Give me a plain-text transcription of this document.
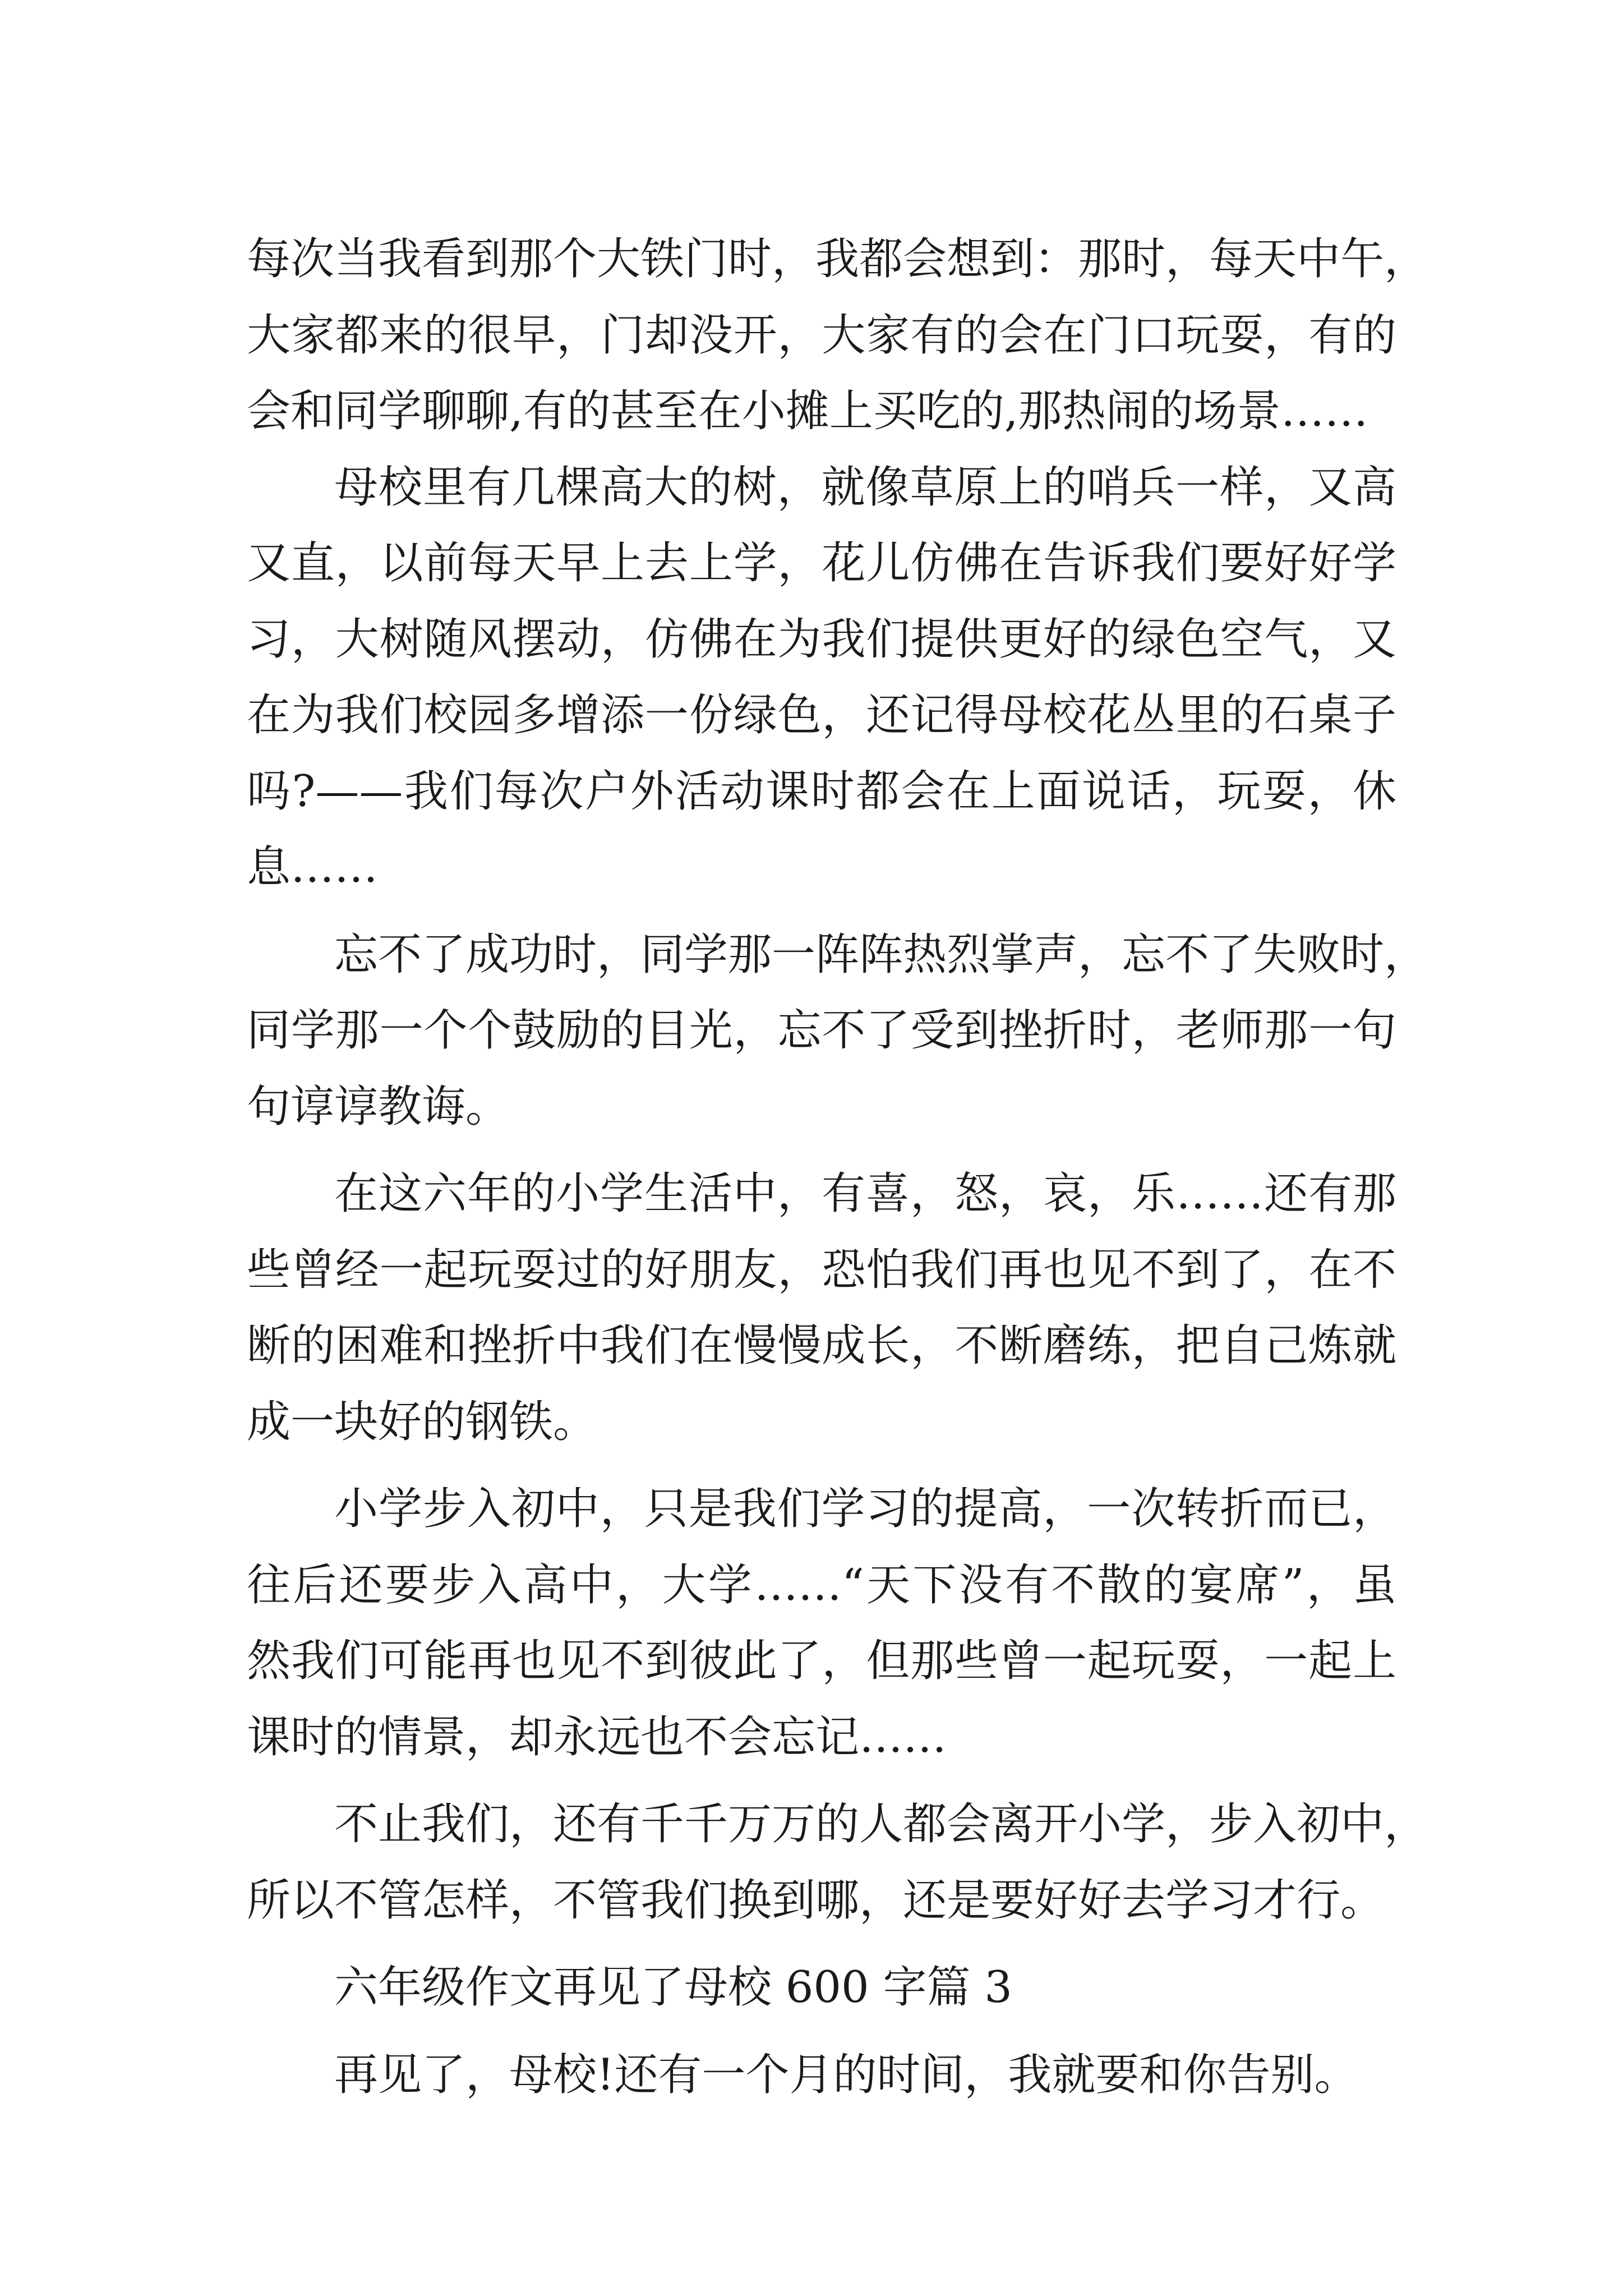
每次当我看到那个大铁门时，我都会想到：那时，每天中午，
大家都来的很早，门却没开，大家有的会在门口玩耍，有的
会和同学聊聊,有的甚至在小摊上买吃的,那热闹的场景……

母校里有几棵高大的树，就像草原上的哨兵一样，又高
又直，以前每天早上去上学，花儿仿佛在告诉我们要好好学
习，大树随风摆动，仿佛在为我们提供更好的绿色空气，又
在为我们校园多增添一份绿色，还记得母校花丛里的石桌子
吗?——我们每次户外活动课时都会在上面说话，玩耍，休
息……

忘不了成功时，同学那一阵阵热烈掌声，忘不了失败时，
同学那一个个鼓励的目光，忘不了受到挫折时，老师那一句
句谆谆教诲。

在这六年的小学生活中，有喜，怒，哀，乐……还有那
些曾经一起玩耍过的好朋友，恐怕我们再也见不到了，在不
断的困难和挫折中我们在慢慢成长，不断磨练，把自己炼就
成一块好的钢铁。

小学步入初中，只是我们学习的提高，一次转折而已，
往后还要步入高中，大学……“天下没有不散的宴席”，虽
然我们可能再也见不到彼此了，但那些曾一起玩耍，一起上
课时的情景，却永远也不会忘记……

不止我们，还有千千万万的人都会离开小学，步入初中，
所以不管怎样，不管我们换到哪，还是要好好去学习才行。

六年级作文再见了母校 600 字篇 3

再见了，母校!还有一个月的时间，我就要和你告别。
